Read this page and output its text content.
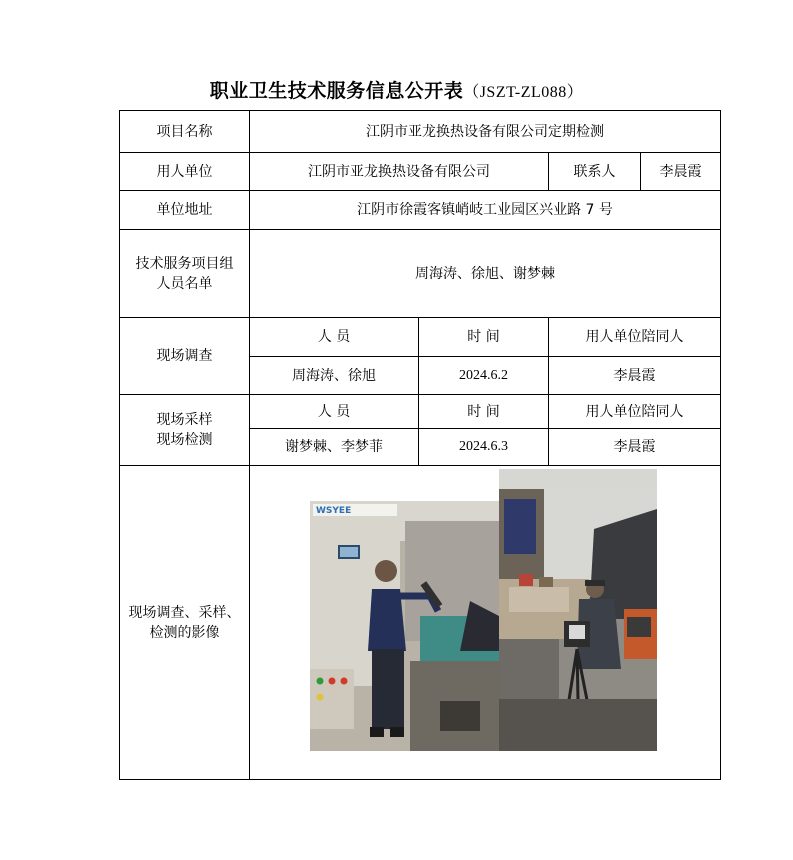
职业卫生技术服务信息公开表（JSZT-ZL088）
项目名称	江阴市亚龙换热设备有限公司定期检测			
用人单位	江阴市亚龙换热设备有限公司		联系人	李晨霞
单位地址	江阴市徐霞客镇峭岐工业园区兴业路 7 号			
技术服务项目组
人员名单	周海涛、徐旭、谢梦棘			
现场调查	人 员	时 间	用人单位陪同人	
	周海涛、徐旭	2024.6.2	李晨霞	
现场采样
现场检测	人 员	时 间	用人单位陪同人	
	谢梦棘、李梦菲	2024.6.3	李晨霞	
现场调查、采样、
检测的影像	WSYEE			
